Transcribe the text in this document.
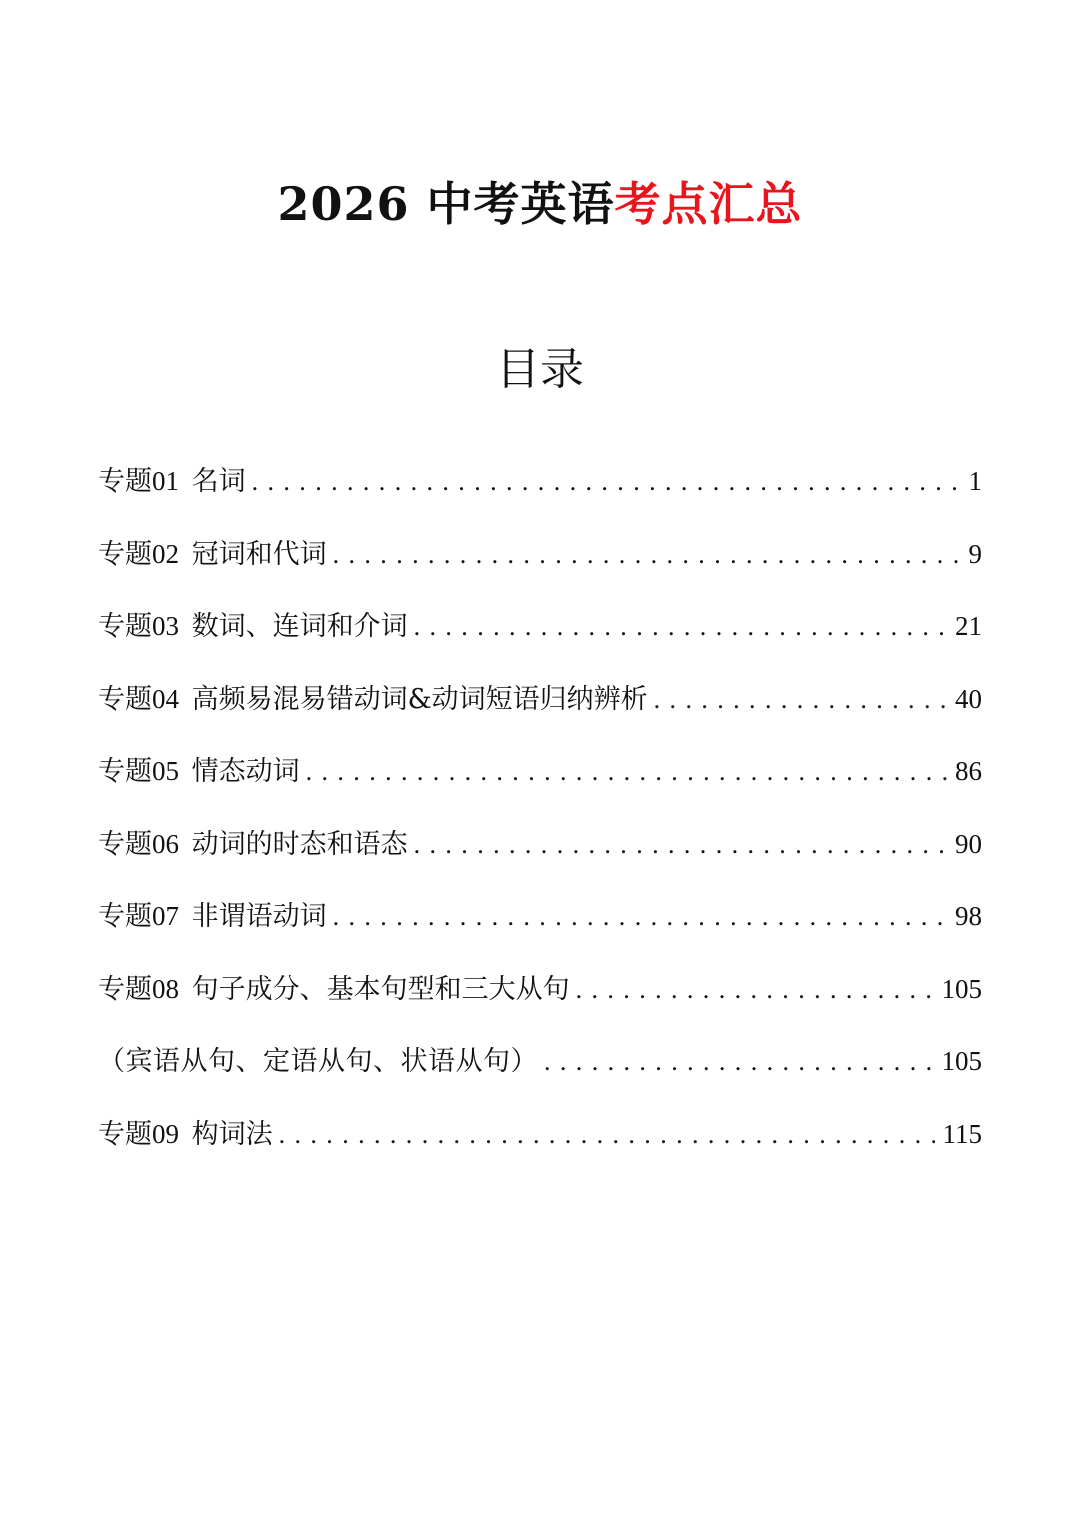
2026 中考英语考点汇总
目录
专题01 名词 .....	1
专题02 冠词和代词 .....	9
专题03 数词、连词和介词 .....	21
专题04 高频易混易错动词&动词短语归纳辨析 .....	40
专题05 情态动词 .....	86
专题06 动词的时态和语态 .....	90
专题07 非谓语动词 .....	98
专题08 句子成分、基本句型和三大从句 .....	105
（宾语从句、定语从句、状语从句） .....	105
专题09 构词法 .....	115
